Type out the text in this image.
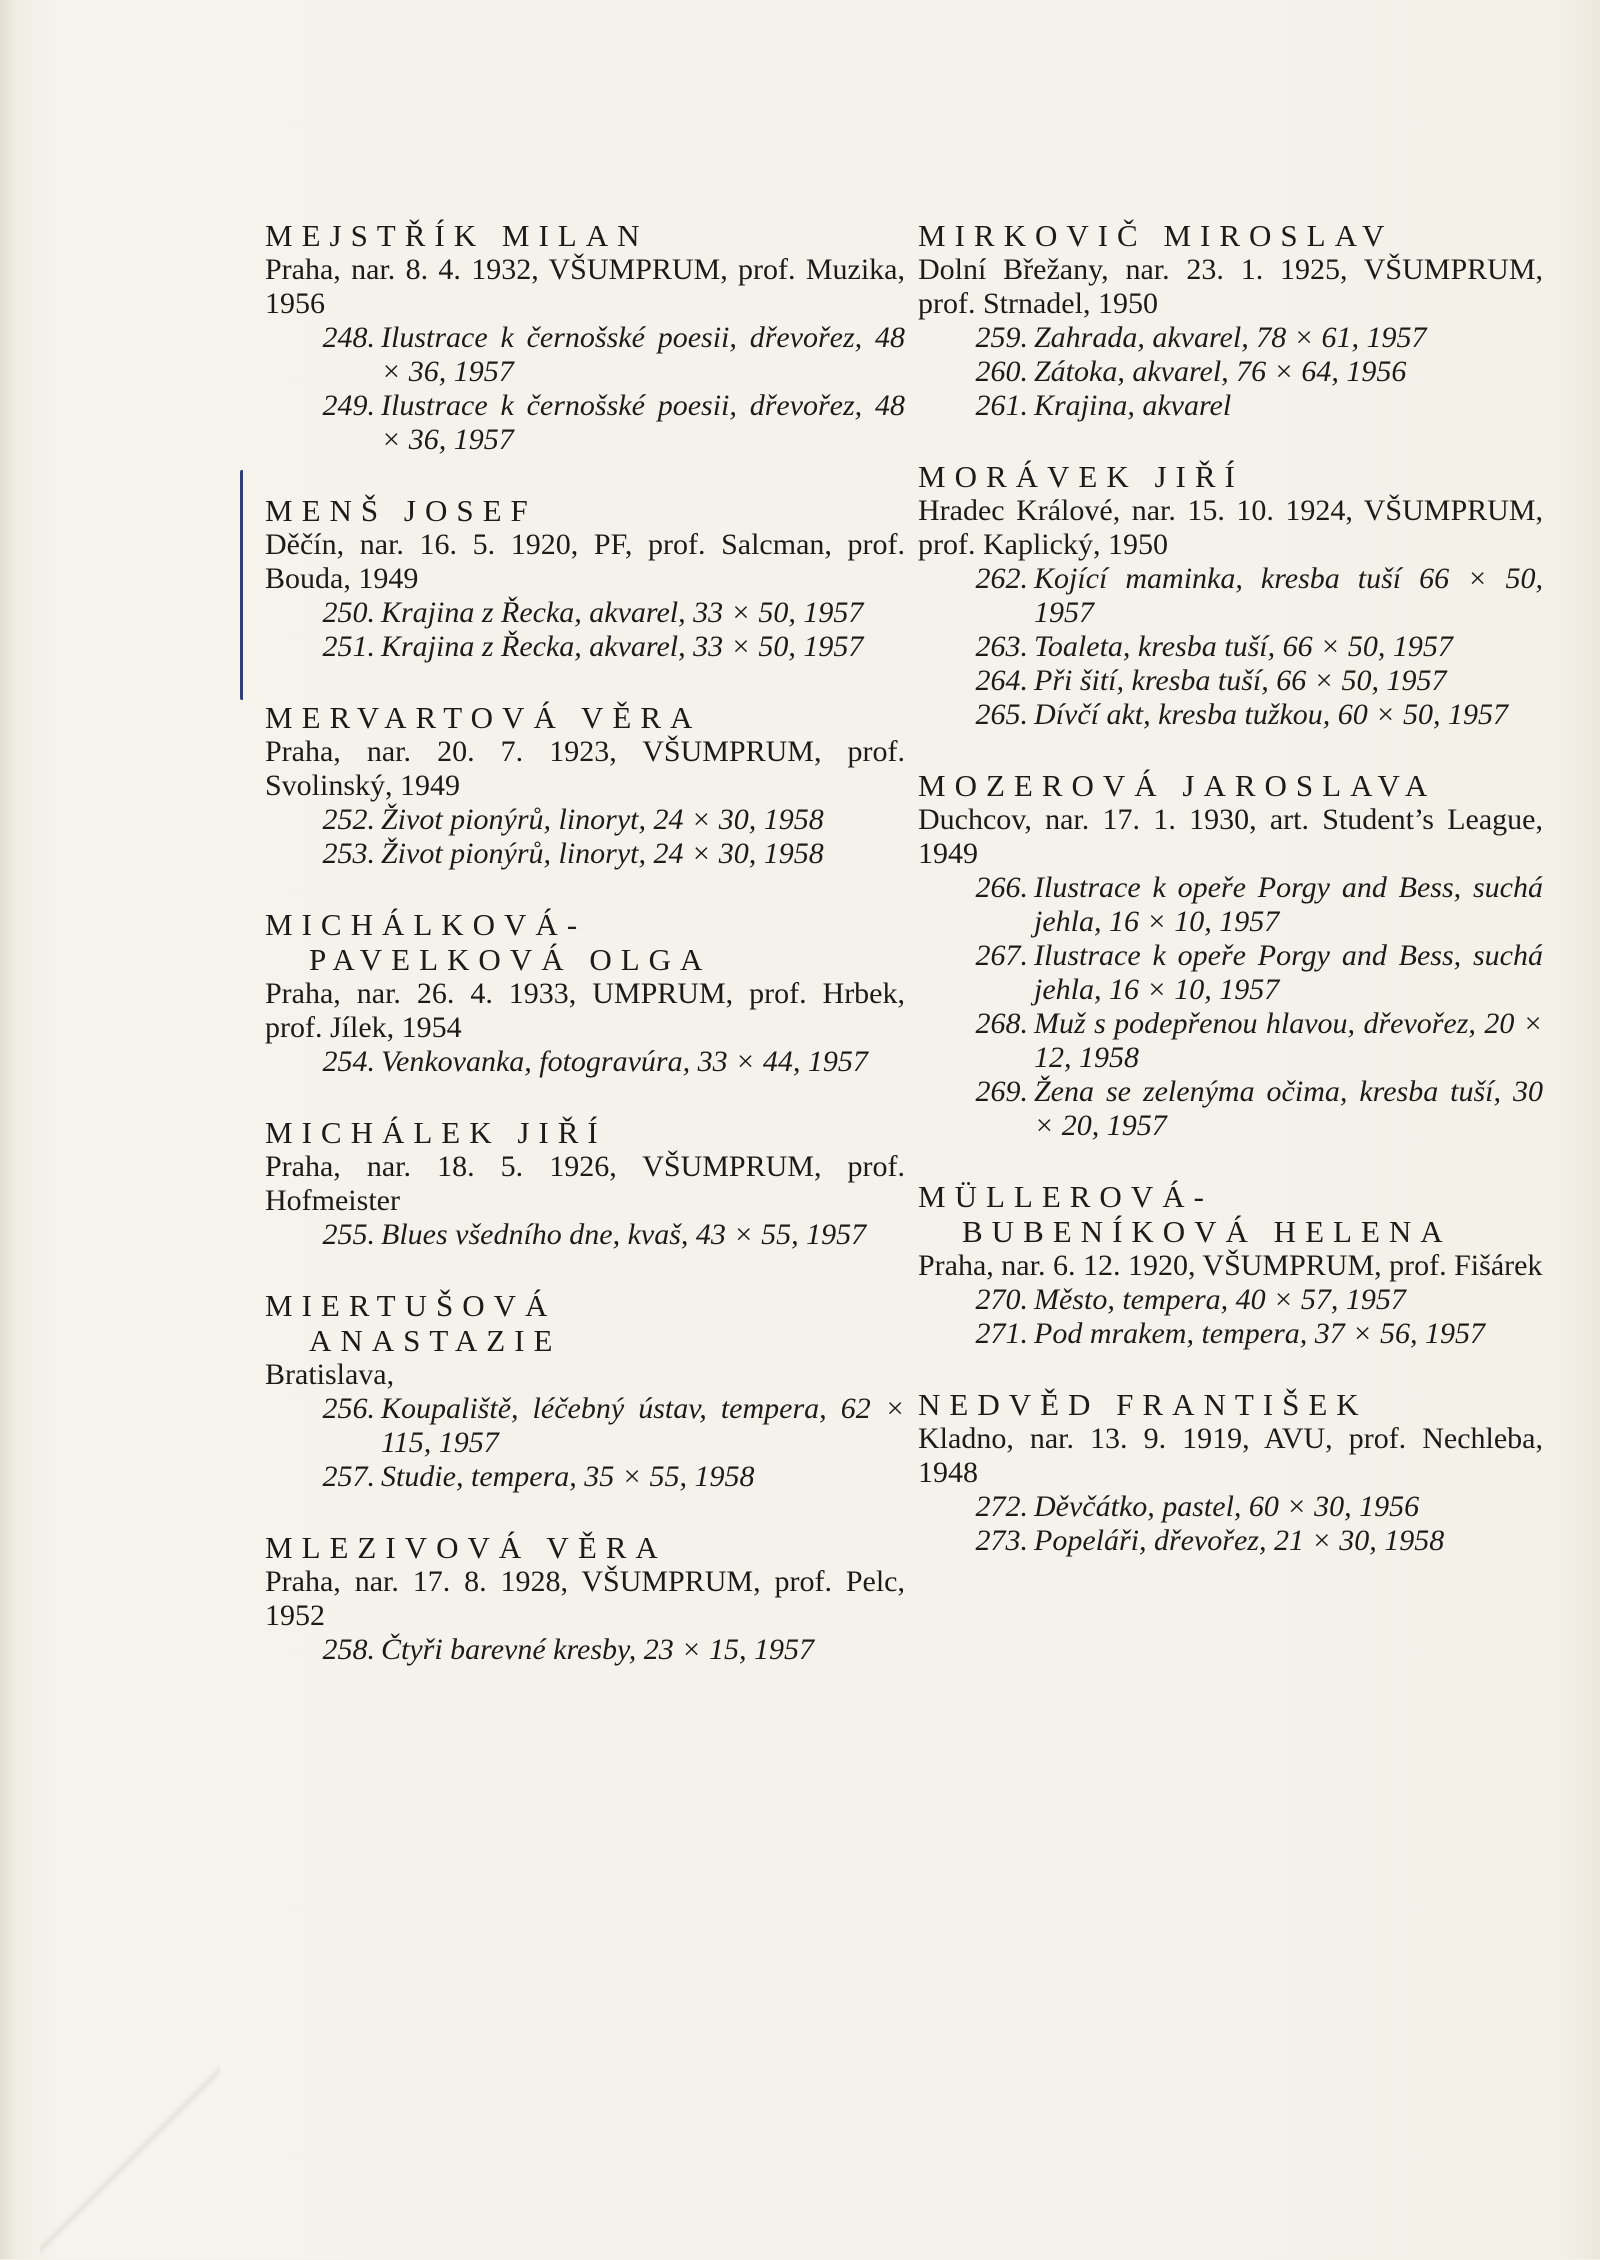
MEJSTŘÍK MILAN
Praha, nar. 8. 4. 1932, VŠUMPRUM, prof. Muzika, 1956
248. Ilustrace k černošské poesii, dřevořez, 48 × 36, 1957
249. Ilustrace k černošské poesii, dřevořez, 48 × 36, 1957
MENŠ JOSEF
Děčín, nar. 16. 5. 1920, PF, prof. Salcman, prof. Bouda, 1949
250. Krajina z Řecka, akvarel, 33 × 50, 1957
251. Krajina z Řecka, akvarel, 33 × 50, 1957
MERVARTOVÁ VĚRA
Praha, nar. 20. 7. 1923, VŠUMPRUM, prof. Svolinský, 1949
252. Život pionýrů, linoryt, 24 × 30, 1958
253. Život pionýrů, linoryt, 24 × 30, 1958
MICHÁLKOVÁ-
PAVELKOVÁ OLGA
Praha, nar. 26. 4. 1933, UMPRUM, prof. Hrbek, prof. Jílek, 1954
254. Venkovanka, fotogravúra, 33 × 44, 1957
MICHÁLEK JIŘÍ
Praha, nar. 18. 5. 1926, VŠUMPRUM, prof. Hofmeister
255. Blues všedního dne, kvaš, 43 × 55, 1957
MIERTUŠOVÁ
ANASTAZIE
Bratislava,
256. Koupaliště, léčebný ústav, tempera, 62 × 115, 1957
257. Studie, tempera, 35 × 55, 1958
MLEZIVOVÁ VĚRA
Praha, nar. 17. 8. 1928, VŠUMPRUM, prof. Pelc, 1952
258. Čtyři barevné kresby, 23 × 15, 1957
MIRKOVIČ MIROSLAV
Dolní Břežany, nar. 23. 1. 1925, VŠUMPRUM, prof. Strnadel, 1950
259. Zahrada, akvarel, 78 × 61, 1957
260. Zátoka, akvarel, 76 × 64, 1956
261. Krajina, akvarel
MORÁVEK JIŘÍ
Hradec Králové, nar. 15. 10. 1924, VŠUMPRUM, prof. Kaplický, 1950
262. Kojící maminka, kresba tuší 66 × 50, 1957
263. Toaleta, kresba tuší, 66 × 50, 1957
264. Při šití, kresba tuší, 66 × 50, 1957
265. Dívčí akt, kresba tužkou, 60 × 50, 1957
MOZEROVÁ JAROSLAVA
Duchcov, nar. 17. 1. 1930, art. Student’s League, 1949
266. Ilustrace k opeře Porgy and Bess, suchá jehla, 16 × 10, 1957
267. Ilustrace k opeře Porgy and Bess, suchá jehla, 16 × 10, 1957
268. Muž s podepřenou hlavou, dřevořez, 20 × 12, 1958
269. Žena se zelenýma očima, kresba tuší, 30 × 20, 1957
MÜLLEROVÁ-
BUBENÍKOVÁ HELENA
Praha, nar. 6. 12. 1920, VŠUMPRUM, prof. Fišárek
270. Město, tempera, 40 × 57, 1957
271. Pod mrakem, tempera, 37 × 56, 1957
NEDVĚD FRANTIŠEK
Kladno, nar. 13. 9. 1919, AVU, prof. Nechleba, 1948
272. Děvčátko, pastel, 60 × 30, 1956
273. Popeláři, dřevořez, 21 × 30, 1958
